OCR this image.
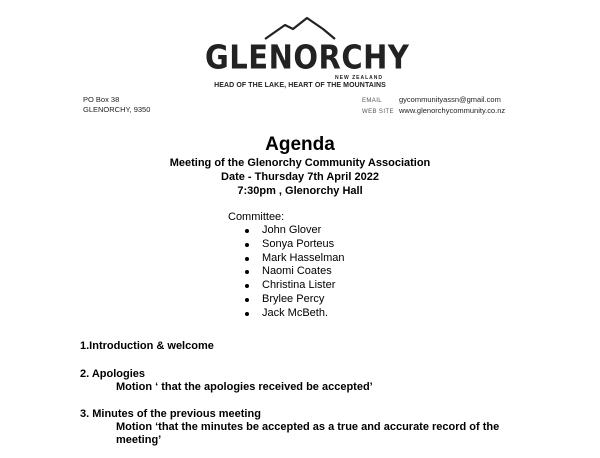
GLENORCHY
NEW ZEALAND
HEAD OF THE LAKE, HEART OF THE MOUNTAINS
PO Box 38
GLENORCHY, 9350
EMAIL	gycommunityassn@gmail.com
WEB SITE www.glenorchycommunity.co.nz
Agenda
Meeting of the Glenorchy Community Association
Date - Thursday 7th April 2022
7:30pm , Glenorchy Hall
Committee:
John Glover
Sonya Porteus
Mark Hasselman
Naomi Coates
Christina Lister
Brylee Percy
Jack McBeth.
1.Introduction & welcome
2. Apologies
Motion ‘ that the apologies received be accepted’
3. Minutes of the previous meeting
Motion ‘that the minutes be accepted as a true and accurate record of the
meeting’
